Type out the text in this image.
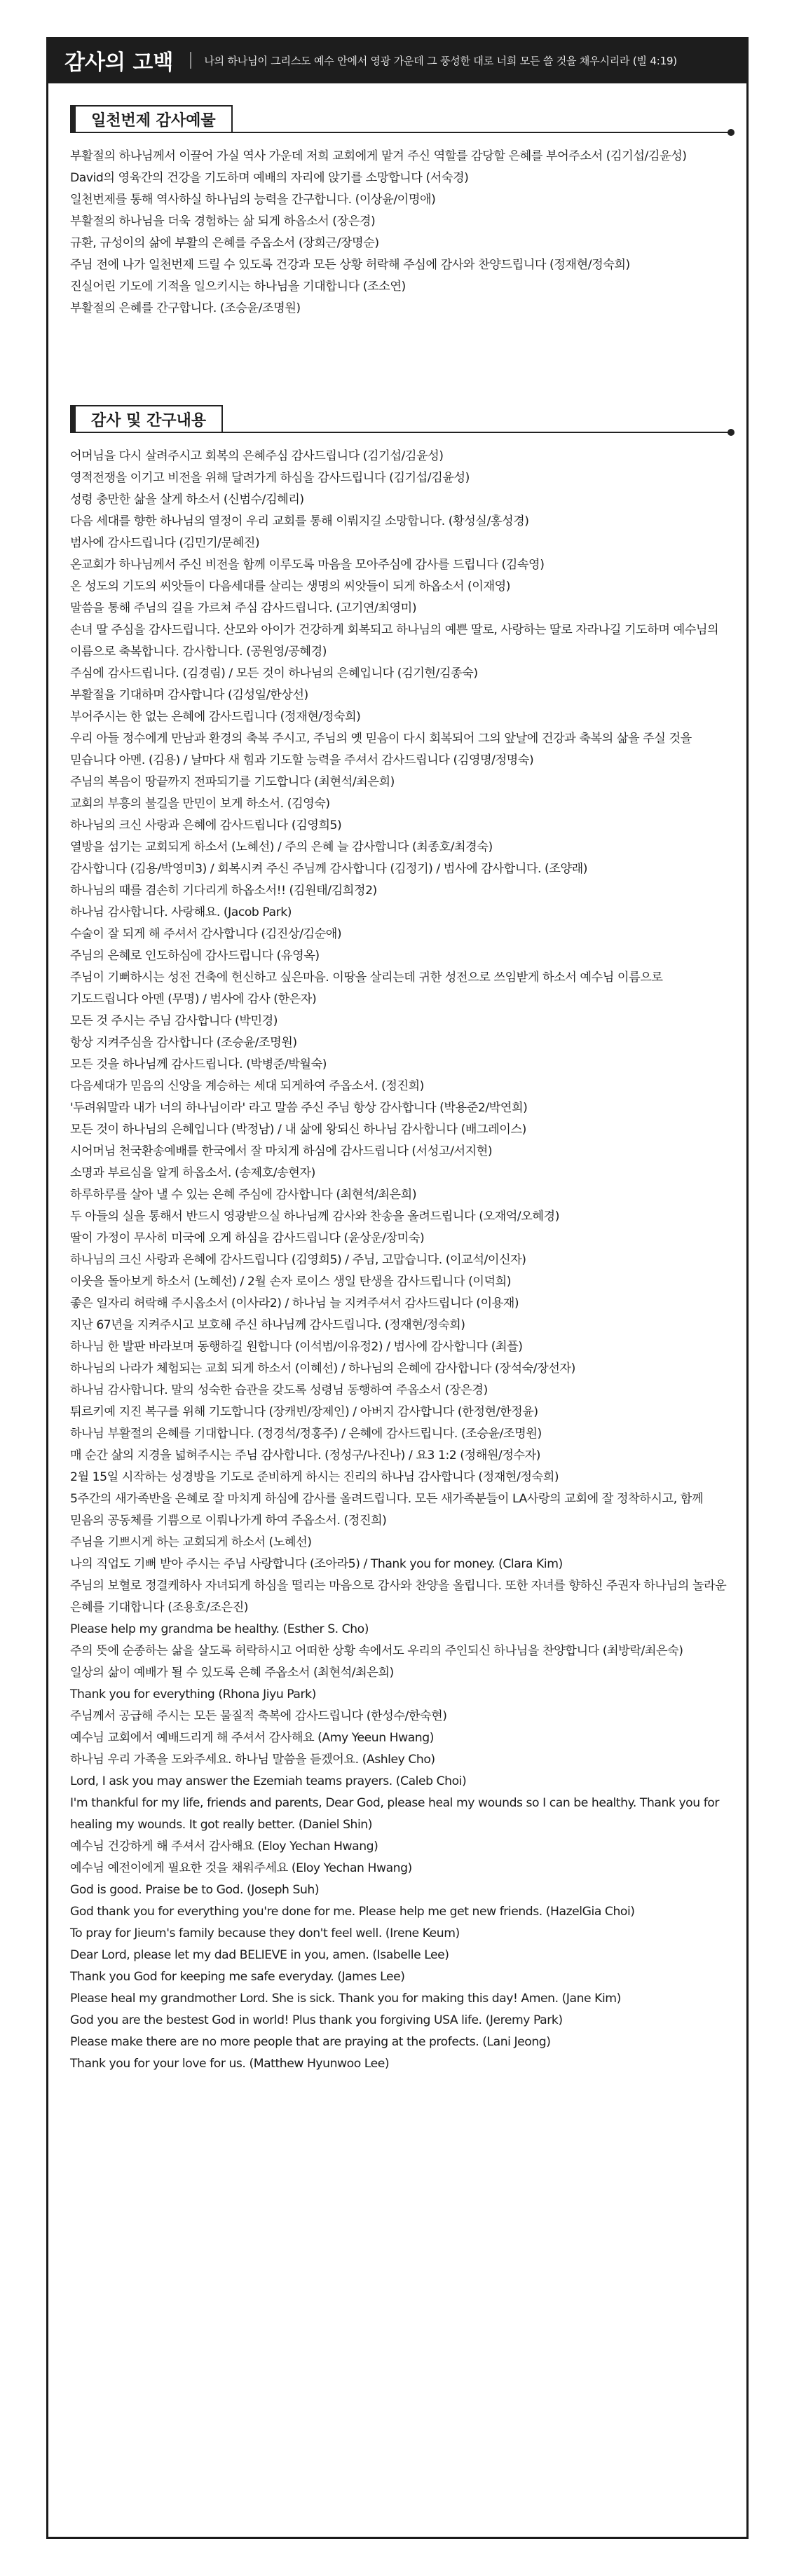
감사의 고백	나의 하나님이 그리스도 예수 안에서 영광 가운데 그 풍성한 대로 너희 모든 쓸 것을 채우시리라 (빌 4:19)
일천번제 감사예물
부활절의 하나님께서 이끌어 가실 역사 가운데 저희 교회에게 맡겨 주신 역할를 감당할 은혜를 부어주소서 (김기섭/김윤성)
David의 영육간의 건강을 기도하며 예배의 자리에 앉기를 소망합니다 (서숙경)
일천번제를 통해 역사하실 하나님의 능력을 간구합니다. (이상윤/이명애)
부활절의 하나님을 더욱 경험하는 삶 되게 하옵소서 (장은경)
규환, 규성이의 삶에 부활의 은혜를 주옵소서 (장희근/장명순)
주님 전에 나가 일천번제 드릴 수 있도록 건강과 모든 상황 허락해 주심에 감사와 찬양드립니다 (정재현/정숙희)
진실어린 기도에 기적을 일으키시는 하나님을 기대합니다 (조소연)
부활절의 은혜를 간구합니다. (조승윤/조명원)
감사 및 간구내용
어머님을 다시 살려주시고 회복의 은혜주심 감사드립니다 (김기섭/김윤성)
영적전쟁을 이기고 비전을 위해 달려가게 하심을 감사드립니다 (김기섭/김윤성)
성령 충만한 삶을 살게 하소서 (신범수/김혜리)
다음 세대를 향한 하나님의 열정이 우리 교회를 통해 이뤄지길 소망합니다. (황성실/홍성경)
범사에 감사드립니다 (김민기/문혜진)
온교회가 하나님께서 주신 비전을 함께 이루도록 마음을 모아주심에 감사를 드립니다 (김속영)
온 성도의 기도의 씨앗들이 다음세대를 살리는 생명의 씨앗들이 되게 하옵소서 (이재영)
말씀을 통해 주님의 길을 가르쳐 주심 감사드립니다. (고기연/최영미)
손녀 딸 주심을 감사드립니다. 산모와 아이가 건강하게 회복되고 하나님의 예쁜 딸로, 사랑하는 딸로 자라나길 기도하며 예수님의 이름으로 축복합니다. 감사합니다. (공원영/공혜경)
주심에 감사드립니다. (김경림) / 모든 것이 하나님의 은혜입니다 (김기현/김종숙)
부활절을 기대하며 감사합니다 (김성일/한상선)
부어주시는 한 없는 은혜에 감사드립니다 (정재현/정숙희)
우리 아들 정수에게 만남과 환경의 축복 주시고, 주님의 옛 믿음이 다시 회복되어 그의 앞날에 건강과 축복의 삶을 주실 것을 믿습니다 아멘. (김용) / 날마다 새 힘과 기도할 능력을 주셔서 감사드립니다 (김영명/정명숙)
주님의 복음이 땅끝까지 전파되기를 기도합니다 (최현석/최은희)
교회의 부흥의 불길을 만민이 보게 하소서. (김영숙)
하나님의 크신 사랑과 은혜에 감사드립니다 (김영희5)
열방을 섬기는 교회되게 하소서 (노혜선) / 주의 은혜 늘 감사합니다 (최종호/최경숙)
감사합니다 (김용/박영미3) / 회복시켜 주신 주님께 감사합니다 (김정기) / 범사에 감사합니다. (조양래)
하나님의 때를 겸손히 기다리게 하옵소서!! (김원태/김희정2)
하나님 감사합니다. 사랑해요. (Jacob Park)
수술이 잘 되게 해 주셔서 감사합니다 (김진상/김순애)
주님의 은혜로 인도하심에 감사드립니다 (유영옥)
주님이 기뻐하시는 성전 건축에 헌신하고 싶은마음. 이땅을 살리는데 귀한 성전으로 쓰임받게 하소서 예수님 이름으로 기도드립니다 아멘 (무명) / 범사에 감사 (한은자)
모든 것 주시는 주님 감사합니다 (박민경)
항상 지켜주심을 감사합니다 (조승윤/조명원)
모든 것을 하나님께 감사드립니다. (박병준/박월숙)
다음세대가 믿음의 신앙을 계승하는 세대 되게하여 주옵소서. (정진희)
'두려워말라 내가 너의 하나님이라' 라고 말씀 주신 주님 항상 감사합니다 (박용준2/박연희)
모든 것이 하나님의 은혜입니다 (박정남) / 내 삶에 왕되신 하나님 감사합니다 (배그레이스)
시어머님 천국환송예배를 한국에서 잘 마치게 하심에 감사드립니다 (서성고/서지현)
소명과 부르심을 알게 하옵소서. (송제호/송현자)
하루하루를 살아 낼 수 있는 은혜 주심에 감사합니다 (최현석/최은희)
두 아들의 실을 통해서 반드시 영광받으실 하나님께 감사와 찬송을 올려드립니다 (오재억/오혜경)
딸이 가정이 무사히 미국에 오게 하심을 감사드립니다 (윤상운/장미숙)
하나님의 크신 사랑과 은혜에 감사드립니다 (김영희5) / 주님, 고맙습니다. (이교석/이신자)
이웃을 돌아보게 하소서 (노혜선) / 2월 손자 로이스 생일 탄생을 감사드립니다 (이덕희)
좋은 일자리 허락해 주시옵소서 (이사라2) / 하나님 늘 지켜주셔서 감사드립니다 (이용재)
지난 67년을 지켜주시고 보호해 주신 하나님께 감사드립니다. (정재현/정숙희)
하나님 한 발판 바라보며 동행하길 원합니다 (이석범/이유정2) / 범사에 감사합니다 (최플)
하나님의 나라가 체험되는 교회 되게 하소서 (이혜선) / 하나님의 은혜에 감사합니다 (장석숙/장선자)
하나님 감사합니다. 말의 성숙한 습관을 갖도록 성령님 동행하여 주옵소서 (장은경)
튀르키예 지진 복구를 위해 기도합니다 (장캐빈/장제인) / 아버지 감사합니다 (한정현/한정윤)
하나님 부활절의 은혜를 기대합니다. (정경석/정홍주) / 은혜에 감사드립니다. (조승윤/조명원)
매 순간 삶의 지경을 넓혀주시는 주님 감사합니다. (정성구/나진나) / 요3 1:2 (정해원/정수자)
2월 15일 시작하는 성경방을 기도로 준비하게 하시는 진리의 하나님 감사합니다 (정재현/정숙희)
5주간의 새가족반을 은혜로 잘 마치게 하심에 감사를 올려드립니다. 모든 새가족분들이 LA사랑의 교회에 잘 정착하시고, 함께 믿음의 공동체를 기쁨으로 이뤄나가게 하여 주옵소서. (정진희)
주님을 기쁘시게 하는 교회되게 하소서 (노혜선)
나의 직업도 기뻐 받아 주시는 주님 사랑합니다 (조아라5) / Thank you for money. (Clara Kim)
주님의 보혈로 정결케하사 자녀되게 하심을 떨리는 마음으로 감사와 찬양을 올립니다. 또한 자녀를 향하신 주권자 하나님의 놀라운 은혜를 기대합니다 (조용호/조은진)
Please help my grandma be healthy. (Esther S. Cho)
주의 뜻에 순종하는 삶을 살도록 허락하시고 어떠한 상황 속에서도 우리의 주인되신 하나님을 찬양합니다 (최방락/최은숙)
일상의 삶이 예배가 될 수 있도록 은혜 주옵소서 (최현석/최은희)
Thank you for everything (Rhona Jiyu Park)
주님께서 공급해 주시는 모든 물질적 축복에 감사드립니다 (한성수/한숙현)
예수님 교회에서 예배드리게 해 주셔서 감사해요 (Amy Yeeun Hwang)
하나님 우리 가족을 도와주세요. 하나님 말씀을 듣겠어요. (Ashley Cho)
Lord, I ask you may answer the Ezemiah teams prayers. (Caleb Choi)
I'm thankful for my life, friends and parents, Dear God, please heal my wounds so I can be healthy. Thank you for healing my wounds. It got really better. (Daniel Shin)
예수님 건강하게 해 주셔서 감사해요 (Eloy Yechan Hwang)
예수님 예전이에게 필요한 것을 채워주세요 (Eloy Yechan Hwang)
God is good. Praise be to God. (Joseph Suh)
God thank you for everything you're done for me. Please help me get new friends. (HazelGia Choi)
To pray for Jieum's family because they don't feel well. (Irene Keum)
Dear Lord, please let my dad BELIEVE in you, amen. (Isabelle Lee)
Thank you God for keeping me safe everyday. (James Lee)
Please heal my grandmother Lord. She is sick. Thank you for making this day! Amen. (Jane Kim)
God you are the bestest God in world! Plus thank you forgiving USA life. (Jeremy Park)
Please make there are no more people that are praying at the profects. (Lani Jeong)
Thank you for your love for us. (Matthew Hyunwoo Lee)
